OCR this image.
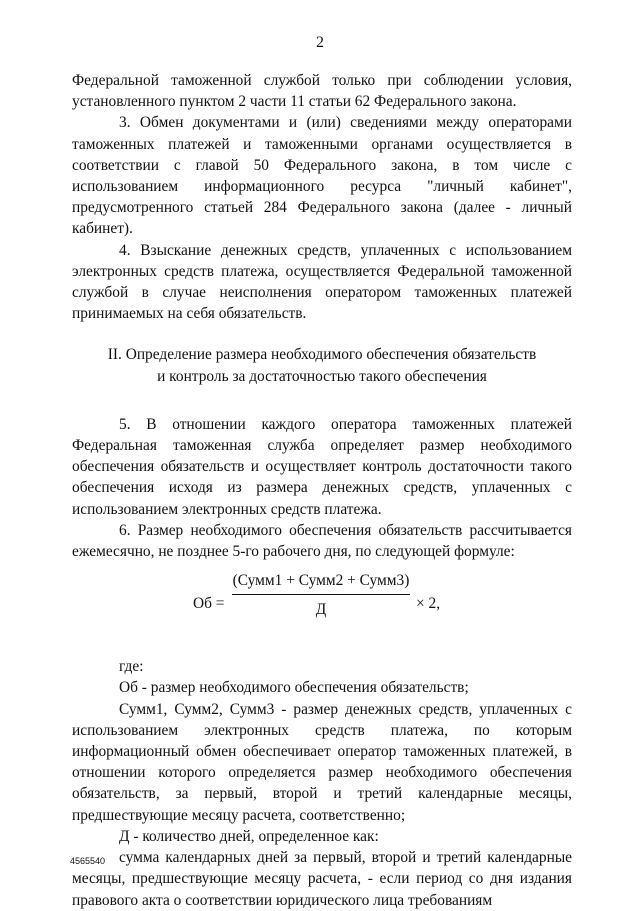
2

Федеральной таможенной службой только при соблюдении условия, установленного пунктом 2 части 11 статьи 62 Федерального закона.

3. Обмен документами и (или) сведениями между операторами таможенных платежей и таможенными органами осуществляется в соответствии с главой 50 Федерального закона, в том числе с использованием информационного ресурса "личный кабинет", предусмотренного статьей 284 Федерального закона (далее - личный кабинет).

4. Взыскание денежных средств, уплаченных с использованием электронных средств платежа, осуществляется Федеральной таможенной службой в случае неисполнения оператором таможенных платежей принимаемых на себя обязательств.

II. Определение размера необходимого обеспечения обязательств
и контроль за достаточностью такого обеспечения

5. В отношении каждого оператора таможенных платежей Федеральная таможенная служба определяет размер необходимого обеспечения обязательств и осуществляет контроль достаточности такого обеспечения исходя из размера денежных средств, уплаченных с использованием электронных средств платежа.

6. Размер необходимого обеспечения обязательств рассчитывается ежемесячно, не позднее 5-го рабочего дня, по следующей формуле:

Об =
(Сумм1 + Сумм2 + Сумм3)
Д	× 2,

где:

Об - размер необходимого обеспечения обязательств;

Сумм1, Сумм2, Сумм3 - размер денежных средств, уплаченных с использованием электронных средств платежа, по которым информационный обмен обеспечивает оператор таможенных платежей, в отношении которого определяется размер необходимого обеспечения обязательств, за первый, второй и третий календарные месяцы, предшествующие месяцу расчета, соответственно;

Д - количество дней, определенное как:

сумма календарных дней за первый, второй и третий календарные месяцы, предшествующие месяцу расчета, - если период со дня издания правового акта о соответствии юридического лица требованиям

4565540
